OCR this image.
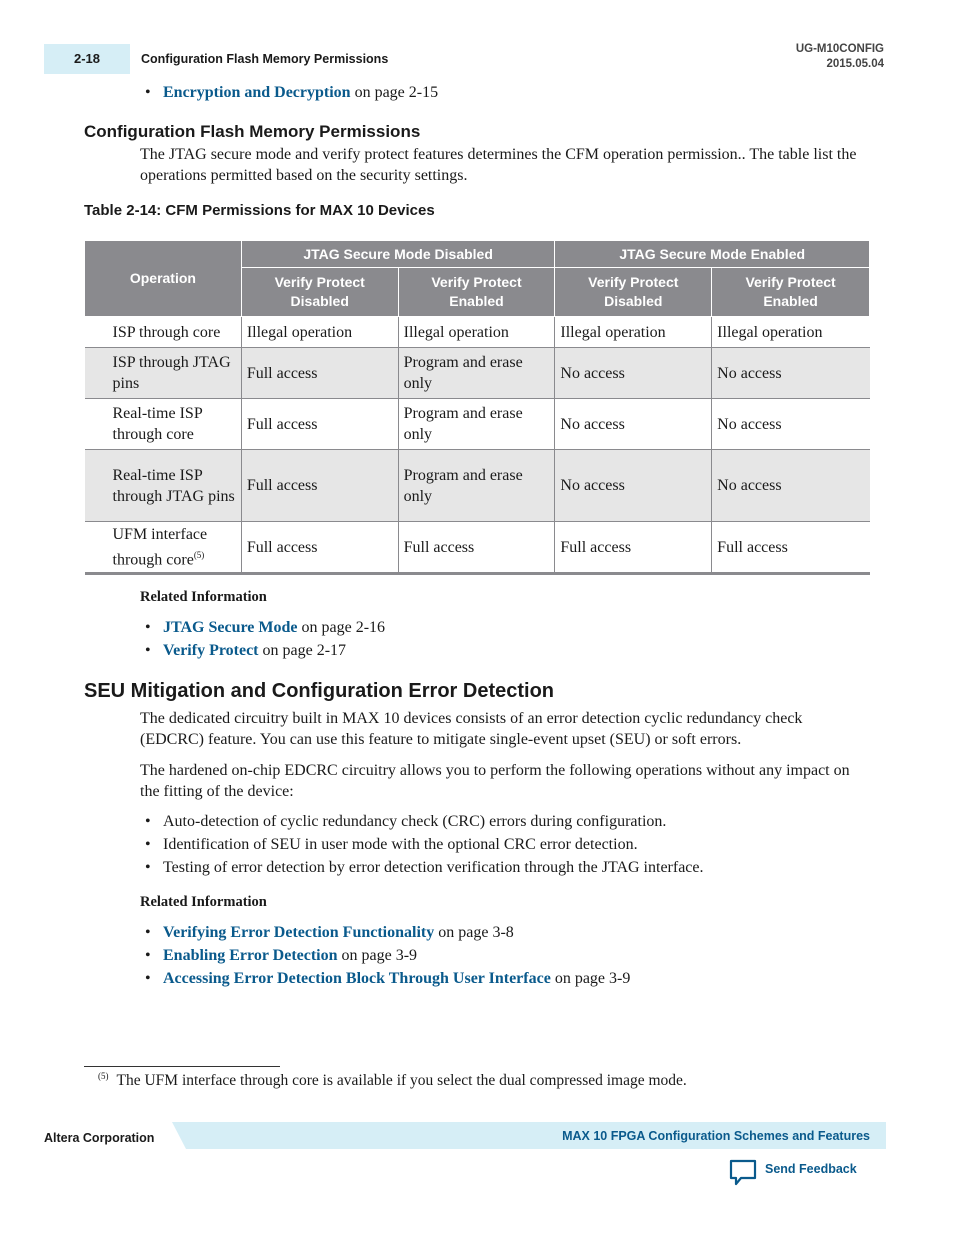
2-18	Configuration Flash Memory Permissions
UG-M10CONFIG
2015.05.04
• Encryption and Decryption on page 2-15
Configuration Flash Memory Permissions

The JTAG secure mode and verify protect features determines the CFM operation permission.. The table list the operations permitted based on the security settings.

Table 2-14: CFM Permissions for MAX 10 Devices
Operation	JTAG Secure Mode Disabled		JTAG Secure Mode Enabled	
	Verify Protect Disabled	Verify Protect Enabled	Verify Protect Disabled	Verify Protect Enabled
ISP through core	Illegal operation	Illegal operation	Illegal operation	Illegal operation
ISP through JTAG pins	Full access	Program and erase only	No access	No access
Real-time ISP through core	Full access	Program and erase only	No access	No access
Real-time ISP through JTAG pins	Full access	Program and erase only	No access	No access
UFM interface through core$^{(5)}$	Full access	Full access	Full access	Full access
Related Information
• JTAG Secure Mode on page 2-16
• Verify Protect on page 2-17
SEU Mitigation and Configuration Error Detection

The dedicated circuitry built in MAX 10 devices consists of an error detection cyclic redundancy check (EDCRC) feature. You can use this feature to mitigate single-event upset (SEU) or soft errors.

The hardened on-chip EDCRC circuitry allows you to perform the following operations without any impact on the fitting of the device:

• Auto-detection of cyclic redundancy check (CRC) errors during configuration.
• Identification of SEU in user mode with the optional CRC error detection.
• Testing of error detection by error detection verification through the JTAG interface.
Related Information
• Verifying Error Detection Functionality on page 3-8
• Enabling Error Detection on page 3-9
• Accessing Error Detection Block Through User Interface on page 3-9
$^{(5)}$ The UFM interface through core is available if you select the dual compressed image mode.
Altera Corporation	MAX 10 FPGA Configuration Schemes and Features
Send Feedback
